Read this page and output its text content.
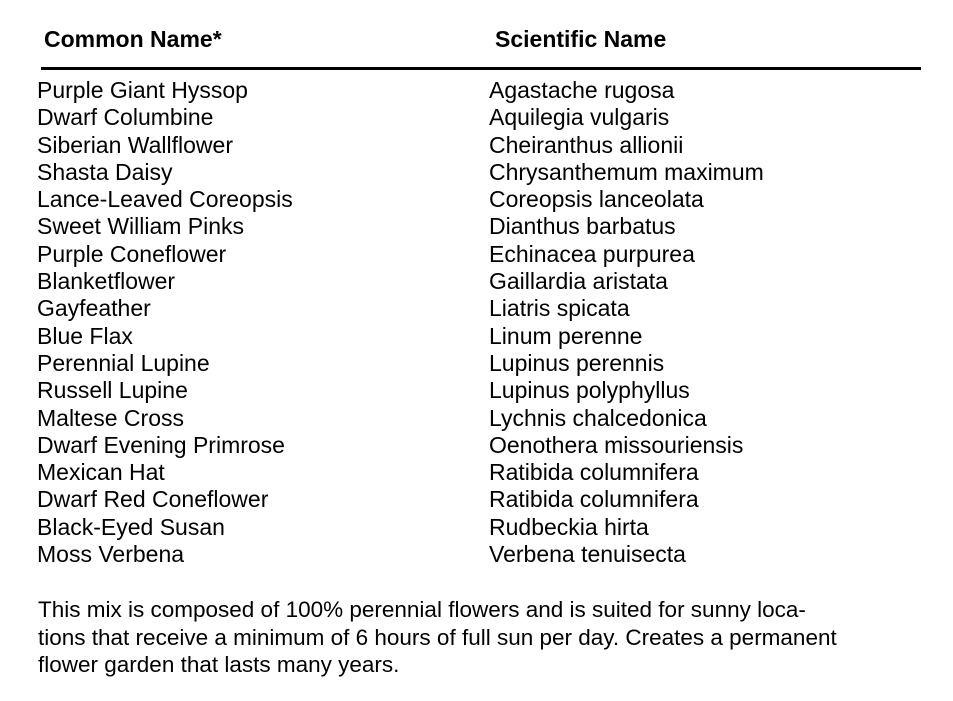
Common Name*	Scientific Name
Purple Giant Hyssop	Agastache rugosa
Dwarf Columbine	Aquilegia vulgaris
Siberian Wallflower	Cheiranthus allionii
Shasta Daisy	Chrysanthemum maximum
Lance-Leaved Coreopsis	Coreopsis lanceolata
Sweet William Pinks	Dianthus barbatus
Purple Coneflower	Echinacea purpurea
Blanketflower	Gaillardia aristata
Gayfeather	Liatris spicata
Blue Flax	Linum perenne
Perennial Lupine	Lupinus perennis
Russell Lupine	Lupinus polyphyllus
Maltese Cross	Lychnis chalcedonica
Dwarf Evening Primrose	Oenothera missouriensis
Mexican Hat	Ratibida columnifera
Dwarf Red Coneflower	Ratibida columnifera
Black-Eyed Susan	Rudbeckia hirta
Moss Verbena	Verbena tenuisecta

This mix is composed of 100% perennial flowers and is suited for sunny loca-
tions that receive a minimum of 6 hours of full sun per day. Creates a permanent
flower garden that lasts many years.
